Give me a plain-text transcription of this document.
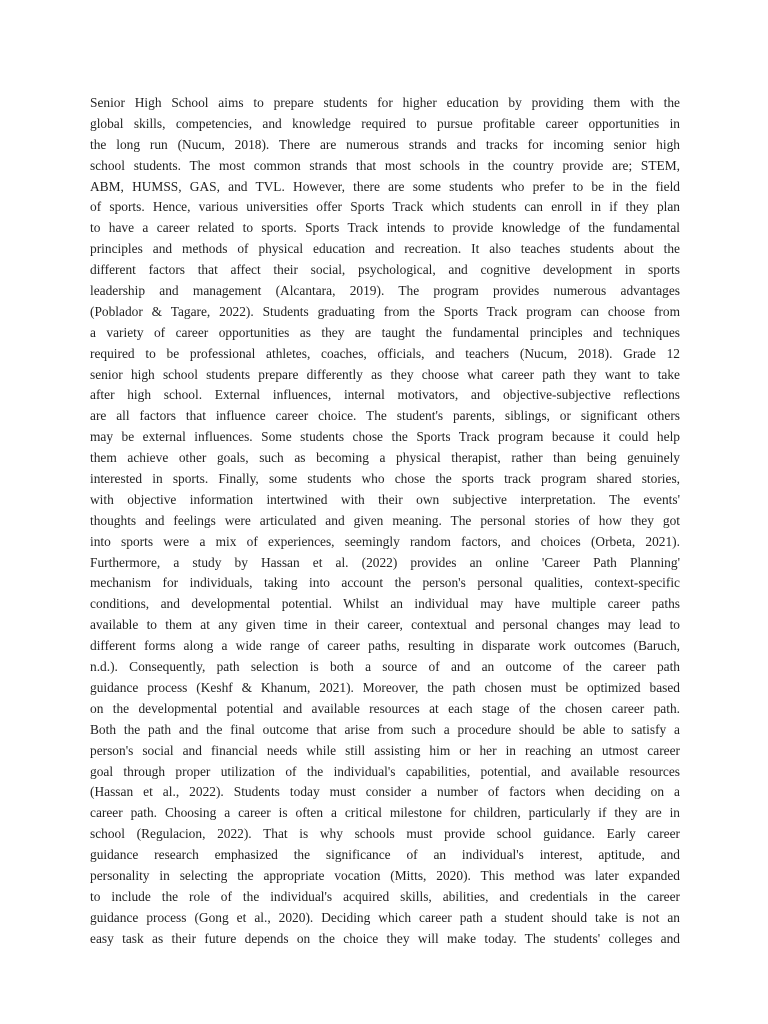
Senior High School aims to prepare students for higher education by providing them with the
global skills, competencies, and knowledge required to pursue profitable career opportunities in
the long run (Nucum, 2018). There are numerous strands and tracks for incoming senior high
school students. The most common strands that most schools in the country provide are; STEM,
ABM, HUMSS, GAS, and TVL. However, there are some students who prefer to be in the field
of sports. Hence, various universities offer Sports Track which students can enroll in if they plan
to have a career related to sports. Sports Track intends to provide knowledge of the fundamental
principles and methods of physical education and recreation. It also teaches students about the
different factors that affect their social, psychological, and cognitive development in sports
leadership and management (Alcantara, 2019). The program provides numerous advantages
(Poblador & Tagare, 2022). Students graduating from the Sports Track program can choose from
a variety of career opportunities as they are taught the fundamental principles and techniques
required to be professional athletes, coaches, officials, and teachers (Nucum, 2018). Grade 12
senior high school students prepare differently as they choose what career path they want to take
after high school. External influences, internal motivators, and objective-subjective reflections
are all factors that influence career choice. The student's parents, siblings, or significant others
may be external influences. Some students chose the Sports Track program because it could help
them achieve other goals, such as becoming a physical therapist, rather than being genuinely
interested in sports. Finally, some students who chose the sports track program shared stories,
with objective information intertwined with their own subjective interpretation. The events'
thoughts and feelings were articulated and given meaning. The personal stories of how they got
into sports were a mix of experiences, seemingly random factors, and choices (Orbeta, 2021).
Furthermore, a study by Hassan et al. (2022) provides an online 'Career Path Planning'
mechanism for individuals, taking into account the person's personal qualities, context-specific
conditions, and developmental potential. Whilst an individual may have multiple career paths
available to them at any given time in their career, contextual and personal changes may lead to
different forms along a wide range of career paths, resulting in disparate work outcomes (Baruch,
n.d.). Consequently, path selection is both a source of and an outcome of the career path
guidance process (Keshf & Khanum, 2021). Moreover, the path chosen must be optimized based
on the developmental potential and available resources at each stage of the chosen career path.
Both the path and the final outcome that arise from such a procedure should be able to satisfy a
person's social and financial needs while still assisting him or her in reaching an utmost career
goal through proper utilization of the individual's capabilities, potential, and available resources
(Hassan et al., 2022). Students today must consider a number of factors when deciding on a
career path. Choosing a career is often a critical milestone for children, particularly if they are in
school (Regulacion, 2022). That is why schools must provide school guidance. Early career
guidance research emphasized the significance of an individual's interest, aptitude, and
personality in selecting the appropriate vocation (Mitts, 2020). This method was later expanded
to include the role of the individual's acquired skills, abilities, and credentials in the career
guidance process (Gong et al., 2020). Deciding which career path a student should take is not an
easy task as their future depends on the choice they will make today. The students' colleges and
